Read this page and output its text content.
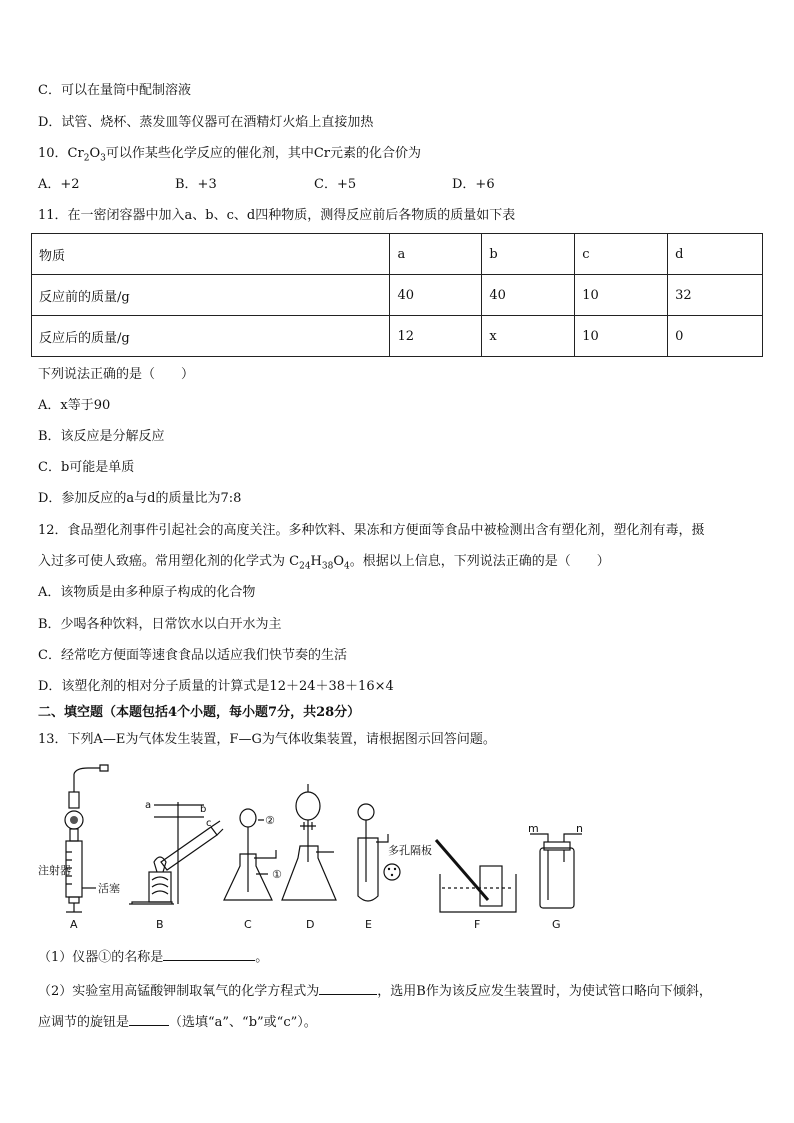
C．可以在量筒中配制溶液
D．试管、烧杯、蒸发皿等仪器可在酒精灯火焰上直接加热
10．$Cr_2O_3$可以作某些化学反应的催化剂，其中Cr元素的化合价为
A．+2	B．+3	C．+5	D．+6
11．在一密闭容器中加入a、b、c、d四种物质，测得反应前后各物质的质量如下表
物质	a	b	c	d
反应前的质量/g	40	40	10	32
反应后的质量/g	12	x	10	0
下列说法正确的是（　　）
A．x等于90
B．该反应是分解反应
C．b可能是单质
D．参加反应的a与d的质量比为7:8
12．食品塑化剂事件引起社会的高度关注。多种饮料、果冻和方便面等食品中被检测出含有塑化剂，塑化剂有毒，摄
入过多可使人致癌。常用塑化剂的化学式为 $C_{24}H_{38}O_4$。根据以上信息，下列说法正确的是（　　）
A．该物质是由多种原子构成的化合物
B．少喝各种饮料，日常饮水以白开水为主
C．经常吃方便面等速食食品以适应我们快节奏的生活
D．该塑化剂的相对分子质量的计算式是12＋24＋38＋16×4
二、填空题（本题包括4个小题，每小题7分，共28分）
13．下列A—E为气体发生装置，F—G为气体收集装置，请根据图示回答问题。
注射器
活塞
A
a	b
c
B
②
①
C	D
多孔隔板
E	F
m	n
G
（1）仪器①的名称是	。
（2）实验室用高锰酸钾制取氧气的化学方程式为	，选用B作为该反应发生装置时，为使试管口略向下倾斜，
应调节的旋钮是	（选填“a”、“b”或“c”）。
